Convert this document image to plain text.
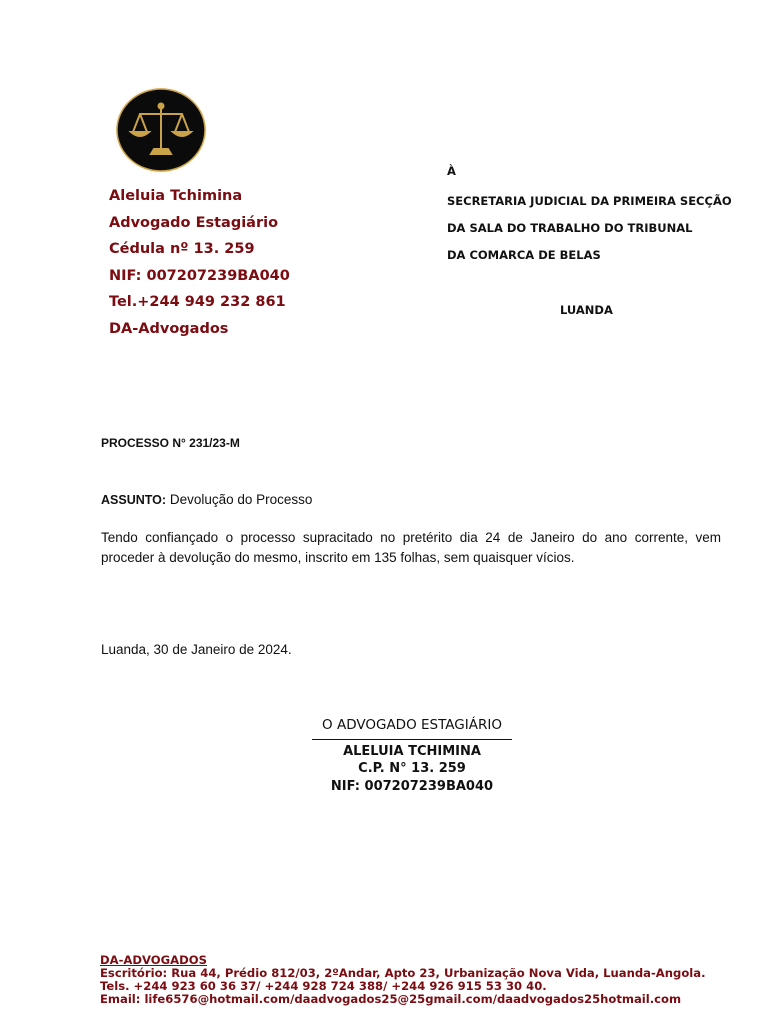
Aleluia Tchimina
Advogado Estagiário
Cédula nº 13. 259
NIF: 007207239BA040
Tel.+244 949 232 861
DA-Advogados
À
SECRETARIA JUDICIAL DA PRIMEIRA SECÇÃO
DA SALA DO TRABALHO DO TRIBUNAL
DA COMARCA DE BELAS
LUANDA
PROCESSO N° 231/23-M
ASSUNTO: Devolução do Processo
Tendo confiançado o processo supracitado no pretérito dia 24 de Janeiro do ano corrente, vem proceder à devolução do mesmo, inscrito em 135 folhas, sem quaisquer vícios.
Luanda, 30 de Janeiro de 2024.
O ADVOGADO ESTAGIÁRIO
ALELUIA TCHIMINA
C.P. N° 13. 259
NIF: 007207239BA040
DA-ADVOGADOS
Escritório: Rua 44, Prédio 812/03, 2ºAndar, Apto 23, Urbanização Nova Vida, Luanda-Angola.
Tels. +244 923 60 36 37/ +244 928 724 388/ +244 926 915 53 30 40.
Email: life6576@hotmail.com/daadvogados25@25gmail.com/daadvogados25hotmail.com
